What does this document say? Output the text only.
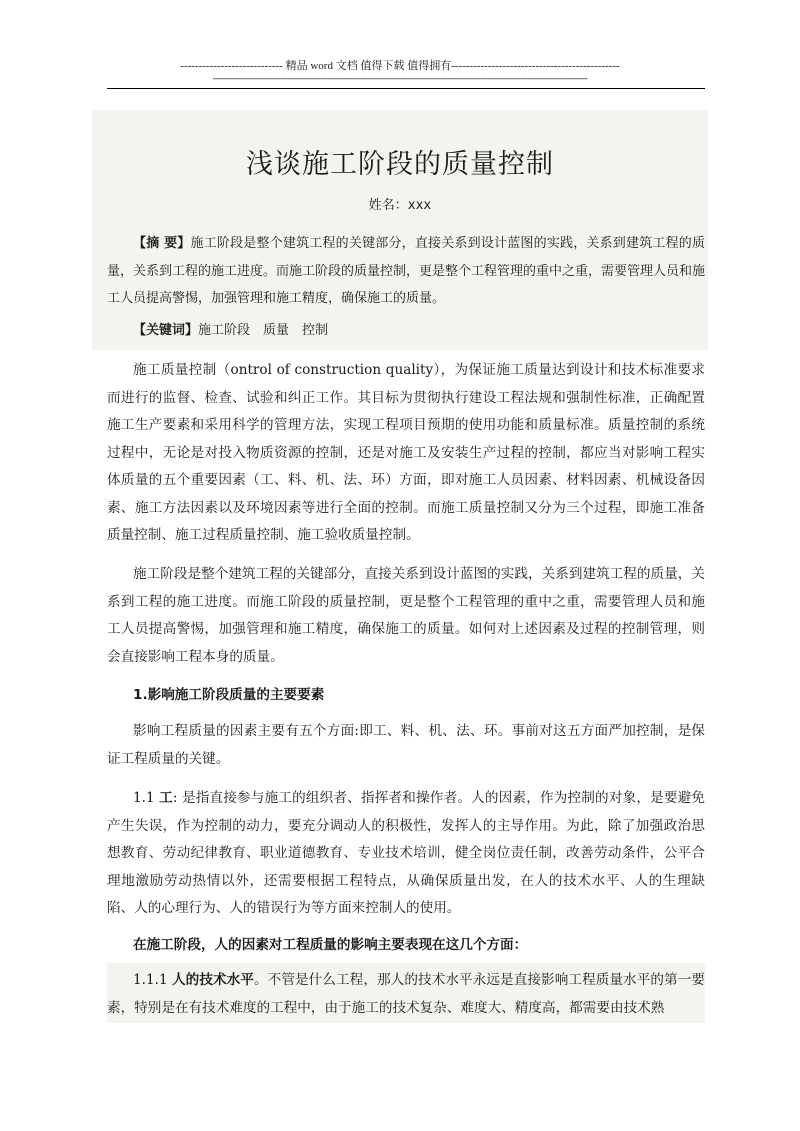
---------------------------- 精品 word 文档 值得下载 值得拥有----------------------------------------------
------------------------------------------------------------------------------------------------------------------------------------------------------
浅谈施工阶段的质量控制
姓名：xxx

【摘 要】施工阶段是整个建筑工程的关键部分，直接关系到设计蓝图的实践，关系到建筑工程的质量，关系到工程的施工进度。而施工阶段的质量控制，更是整个工程管理的重中之重，需要管理人员和施工人员提高警惕，加强管理和施工精度，确保施工的质量。

【关键词】施工阶段　质量　控制

施工质量控制（ontrol of construction quality），为保证施工质量达到设计和技术标准要求而进行的监督、检查、试验和纠正工作。其目标为贯彻执行建设工程法规和强制性标准，正确配置施工生产要素和采用科学的管理方法，实现工程项目预期的使用功能和质量标准。质量控制的系统过程中，无论是对投入物质资源的控制，还是对施工及安装生产过程的控制，都应当对影响工程实体质量的五个重要因素（工、料、机、法、环）方面，即对施工人员因素、材料因素、机械设备因素、施工方法因素以及环境因素等进行全面的控制。而施工质量控制又分为三个过程，即施工准备质量控制、施工过程质量控制、施工验收质量控制。

施工阶段是整个建筑工程的关键部分，直接关系到设计蓝图的实践，关系到建筑工程的质量，关系到工程的施工进度。而施工阶段的质量控制，更是整个工程管理的重中之重，需要管理人员和施工人员提高警惕，加强管理和施工精度，确保施工的质量。如何对上述因素及过程的控制管理，则会直接影响工程本身的质量。

1.影响施工阶段质量的主要要素

影响工程质量的因素主要有五个方面:即工、料、机、法、环。事前对这五方面严加控制，是保证工程质量的关键。

1.1 工: 是指直接参与施工的组织者、指挥者和操作者。人的因素，作为控制的对象，是要避免产生失误，作为控制的动力，要充分调动人的积极性，发挥人的主导作用。为此，除了加强政治思想教育、劳动纪律教育、职业道德教育、专业技术培训，健全岗位责任制，改善劳动条件，公平合理地激励劳动热情以外，还需要根据工程特点，从确保质量出发，在人的技术水平、人的生理缺陷、人的心理行为、人的错误行为等方面来控制人的使用。

在施工阶段，人的因素对工程质量的影响主要表现在这几个方面：

1.1.1 人的技术水平。不管是什么工程，那人的技术水平永远是直接影响工程质量水平的第一要素，特别是在有技术难度的工程中，由于施工的技术复杂、难度大、精度高，都需要由技术熟
